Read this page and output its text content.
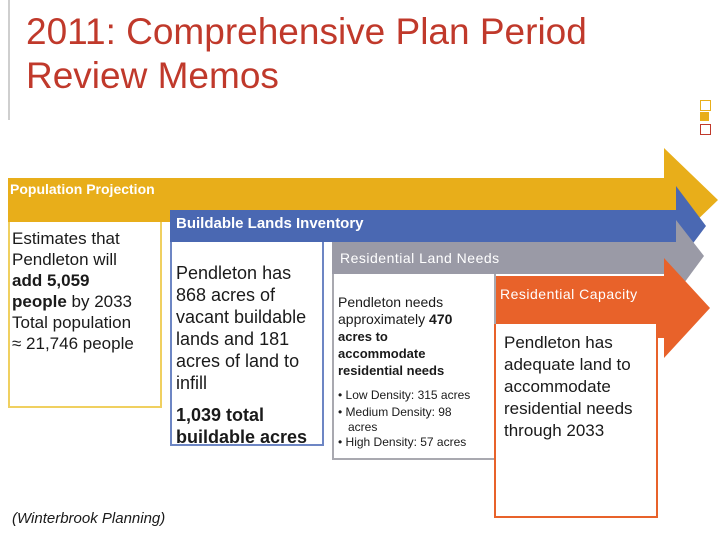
2011: Comprehensive Plan Period
Review Memos
Population Projection
Buildable Lands Inventory
Residential Land Needs
Residential Capacity
Estimates that
Pendleton will
add 5,059
people by 2033
Total population
≈ 21,746 people
Pendleton has
868 acres of
vacant buildable
lands and 181
acres of land to
infill
1,039 total
buildable acres
Pendleton needs
approximately 470
acres to
accommodate
residential needs
• Low Density: 315 acres
• Medium Density: 98
acres
• High Density: 57 acres
Pendleton has
adequate land to
accommodate
residential needs
through 2033
(Winterbrook Planning)
